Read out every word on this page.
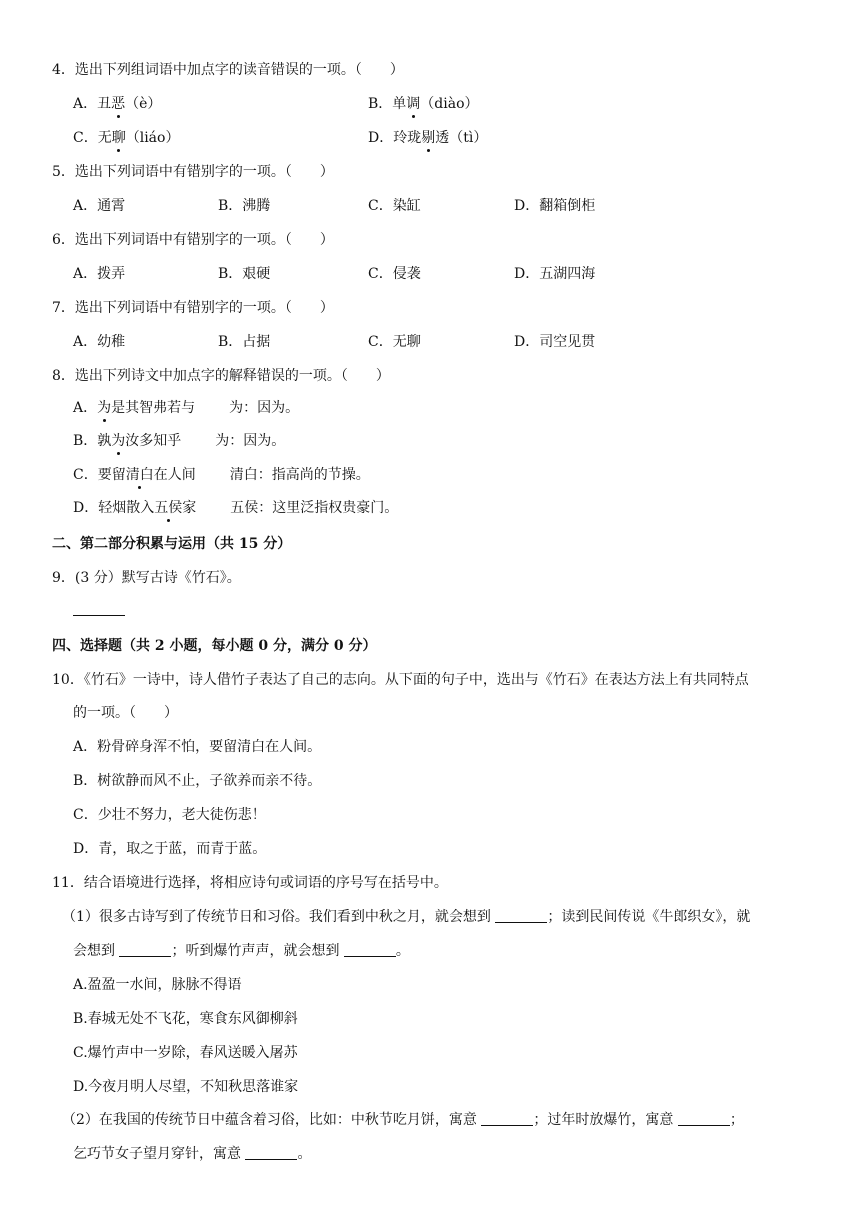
4．选出下列组词语中加点字的读音错误的一项。（　　）
A．丑恶（è）	B．单调（diào）
C．无聊（liáo）	D．玲珑剔透（tì）
5．选出下列词语中有错别字的一项。（　　）
A．通霄	B．沸腾	C．染缸	D．翻箱倒柜
6．选出下列词语中有错别字的一项。（　　）
A．拨弄	B．艰硬	C．侵袭	D．五湖四海
7．选出下列词语中有错别字的一项。（　　）
A．幼稚	B．占据	C．无聊	D．司空见贯
8．选出下列诗文中加点字的解释错误的一项。（　　）
A．为是其智弗若与 为：因为。
B．孰为汝多知乎 为：因为。
C．要留清白在人间 清白：指高尚的节操。
D．轻烟散入五侯家 五侯：这里泛指权贵豪门。
二、第二部分积累与运用（共 15 分）
9．(3 分）默写古诗《竹石》。
四、选择题（共 2 小题，每小题 0 分，满分 0 分）
10．《竹石》一诗中，诗人借竹子表达了自己的志向。从下面的句子中，选出与《竹石》在表达方法上有共同特点
的一项。（　　）
A．粉骨碎身浑不怕，要留清白在人间。
B．树欲静而风不止，子欲养而亲不待。
C．少壮不努力，老大徒伤悲！
D．青，取之于蓝，而青于蓝。
11．结合语境进行选择，将相应诗句或词语的序号写在括号中。
（1）很多古诗写到了传统节日和习俗。我们看到中秋之月，就会想到	；读到民间传说《牛郎织女》，就
会想到	；听到爆竹声声，就会想到	。
A.盈盈一水间，脉脉不得语
B.春城无处不飞花，寒食东风御柳斜
C.爆竹声中一岁除，春风送暖入屠苏
D.今夜月明人尽望，不知秋思落谁家
（2）在我国的传统节日中蕴含着习俗，比如：中秋节吃月饼，寓意	；过年时放爆竹，寓意	；
乞巧节女子望月穿针，寓意	。
